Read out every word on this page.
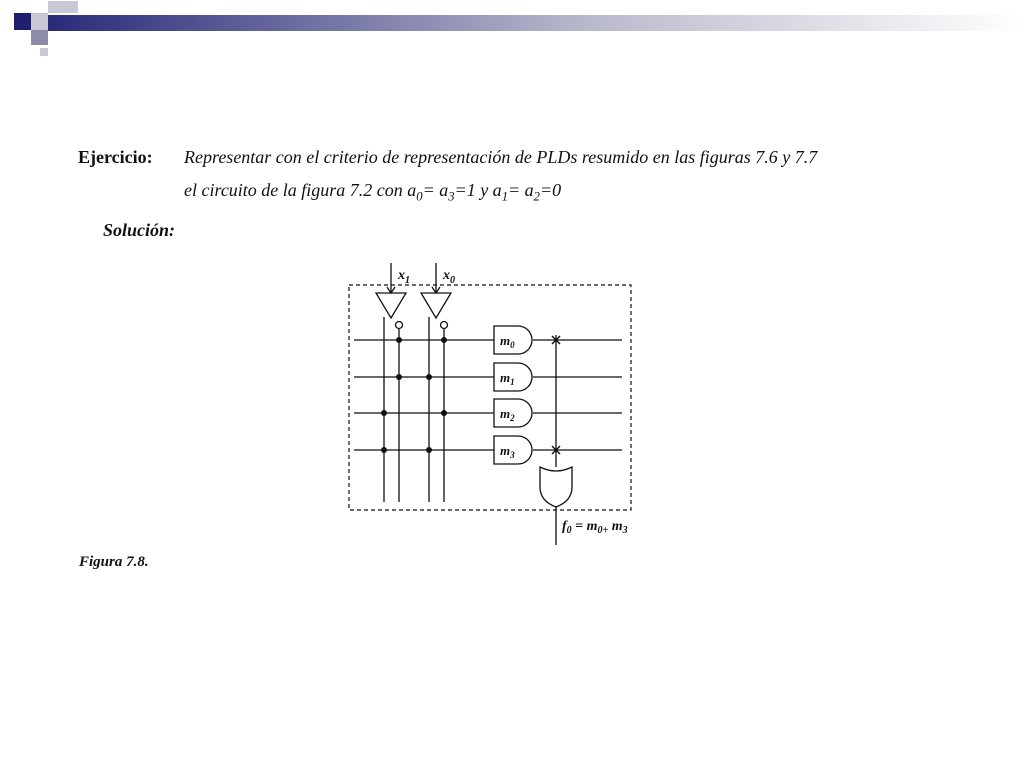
Ejercicio: Representar con el criterio de representación de PLDs resumido en las figuras 7.6 y 7.7
el circuito de la figura 7.2 con $a_0= a_3=1$ y $a_1= a_2=0$
Solución:
Figura 7.8.
$x_1$ $x_0$
$m_0$
$m_1$
$m_2$
$m_3$
$f_0 = m_{0+}$ $m_3$
